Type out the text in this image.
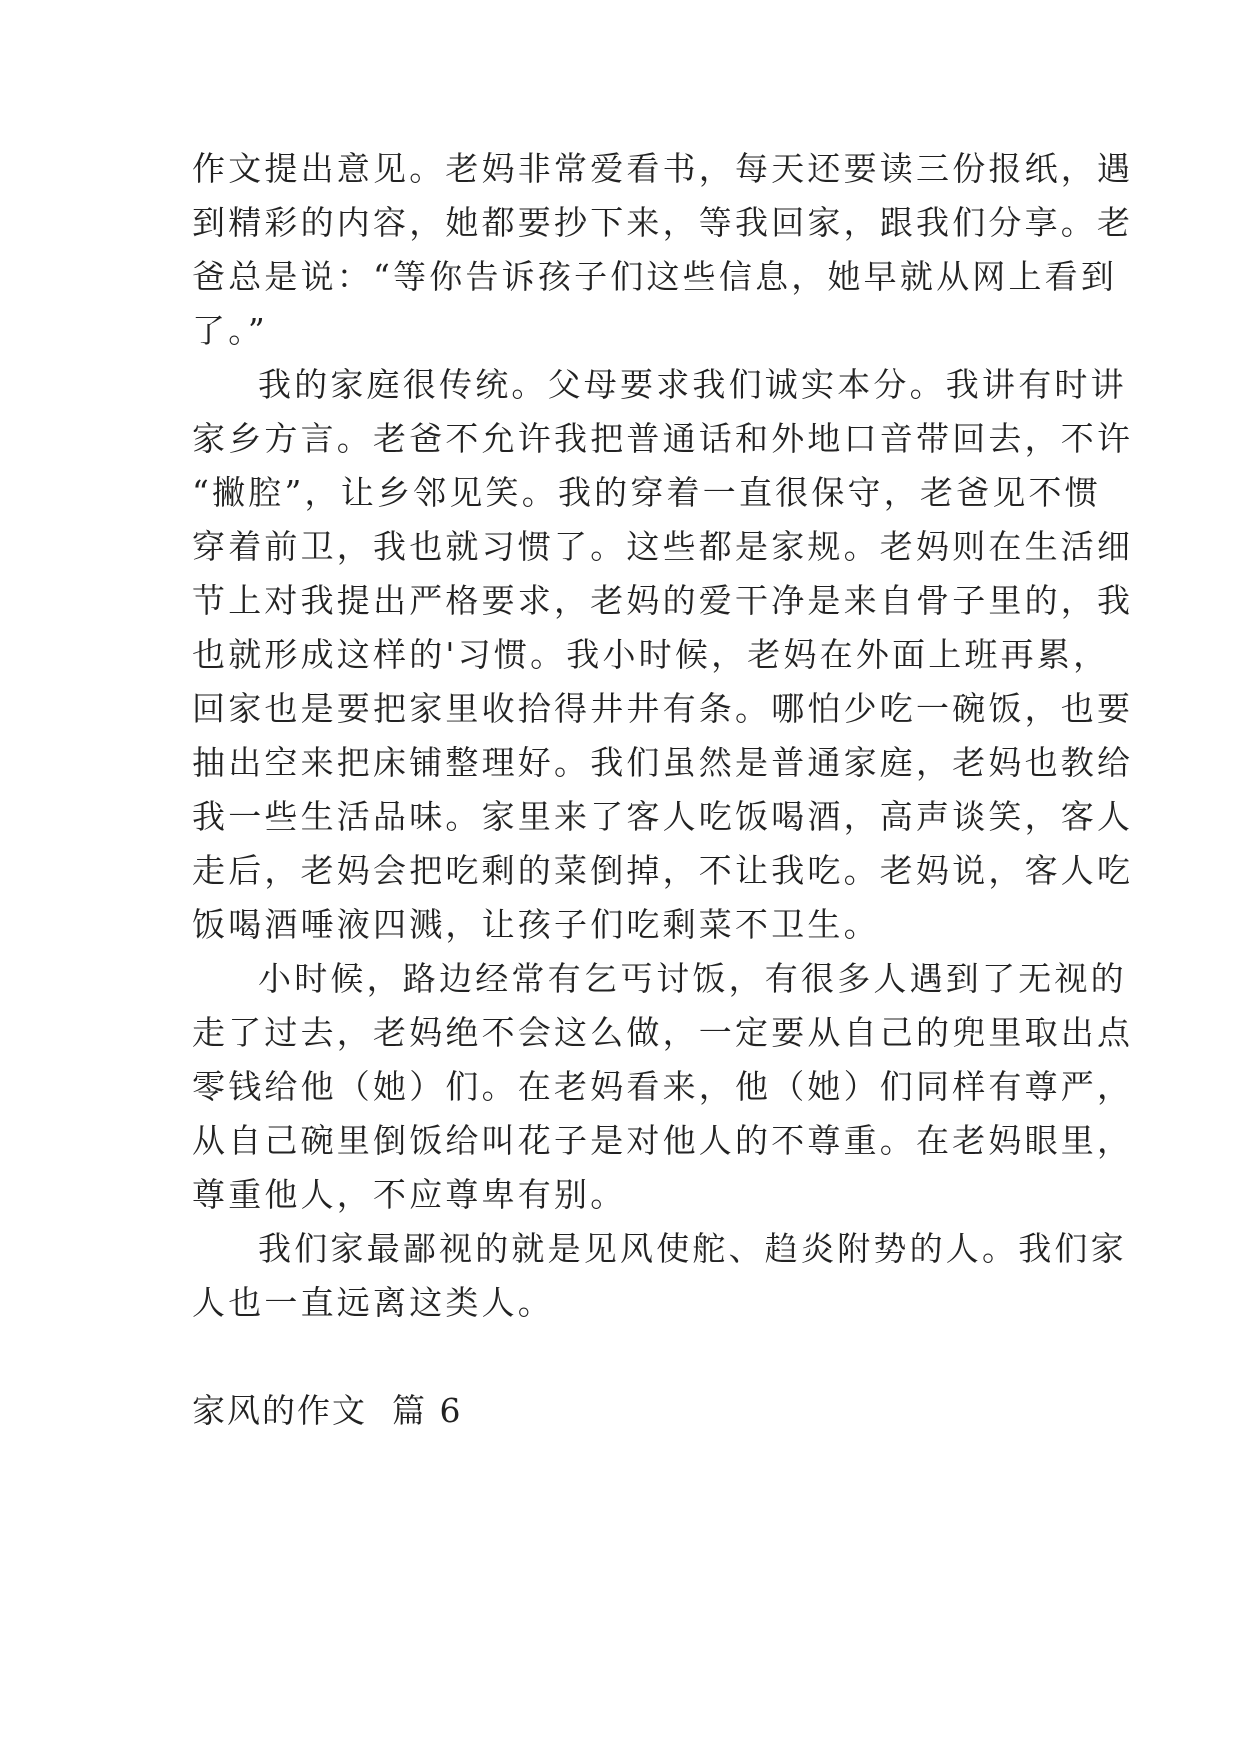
作文提出意见。老妈非常爱看书，每天还要读三份报纸，遇
到精彩的内容，她都要抄下来，等我回家，跟我们分享。老
爸总是说：“等你告诉孩子们这些信息，她早就从网上看到
了。”
我的家庭很传统。父母要求我们诚实本分。我讲有时讲
家乡方言。老爸不允许我把普通话和外地口音带回去，不许
“撇腔”，让乡邻见笑。我的穿着一直很保守，老爸见不惯
穿着前卫，我也就习惯了。这些都是家规。老妈则在生活细
节上对我提出严格要求，老妈的爱干净是来自骨子里的，我
也就形成这样的'习惯。我小时候，老妈在外面上班再累，
回家也是要把家里收拾得井井有条。哪怕少吃一碗饭，也要
抽出空来把床铺整理好。我们虽然是普通家庭，老妈也教给
我一些生活品味。家里来了客人吃饭喝酒，高声谈笑，客人
走后，老妈会把吃剩的菜倒掉，不让我吃。老妈说，客人吃
饭喝酒唾液四溅，让孩子们吃剩菜不卫生。
小时候，路边经常有乞丐讨饭，有很多人遇到了无视的
走了过去，老妈绝不会这么做，一定要从自己的兜里取出点
零钱给他（她）们。在老妈看来，他（她）们同样有尊严，
从自己碗里倒饭给叫花子是对他人的不尊重。在老妈眼里，
尊重他人，不应尊卑有别。
我们家最鄙视的就是见风使舵、趋炎附势的人。我们家
人也一直远离这类人。
家风的作文  篇 6
